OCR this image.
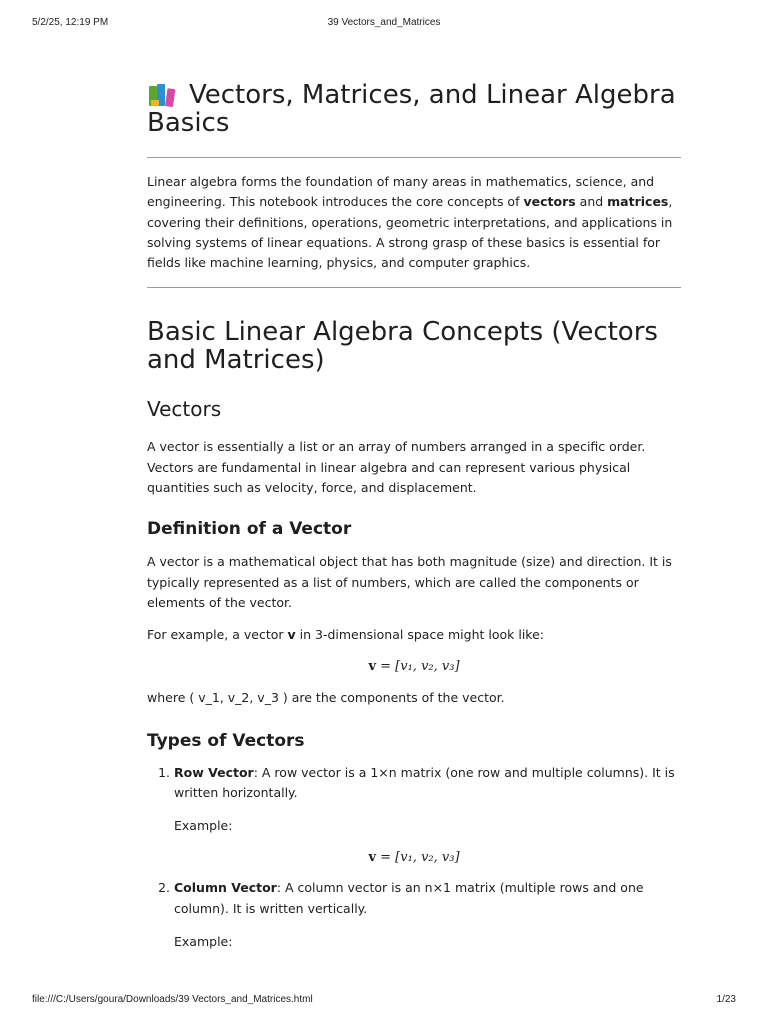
5/2/25, 12:19 PM	39 Vectors_and_Matrices
Vectors, Matrices, and Linear Algebra Basics

Linear algebra forms the foundation of many areas in mathematics, science, and engineering. This notebook introduces the core concepts of vectors and matrices, covering their definitions, operations, geometric interpretations, and applications in solving systems of linear equations. A strong grasp of these basics is essential for fields like machine learning, physics, and computer graphics.

Basic Linear Algebra Concepts (Vectors and Matrices)
Vectors

A vector is essentially a list or an array of numbers arranged in a specific order. Vectors are fundamental in linear algebra and can represent various physical quantities such as velocity, force, and displacement.

Definition of a Vector

A vector is a mathematical object that has both magnitude (size) and direction. It is typically represented as a list of numbers, which are called the components or elements of the vector.

For example, a vector v in 3-dimensional space might look like:

v = [v₁, v₂, v₃]

where ( v_1, v_2, v_3 ) are the components of the vector.

Types of Vectors
1. Row Vector: A row vector is a 1×n matrix (one row and multiple columns). It is written horizontally.
Example:
v = [v₁, v₂, v₃]
2. Column Vector: A column vector is an n×1 matrix (multiple rows and one column). It is written vertically.
Example:
file:///C:/Users/goura/Downloads/39 Vectors_and_Matrices.html	1/23
